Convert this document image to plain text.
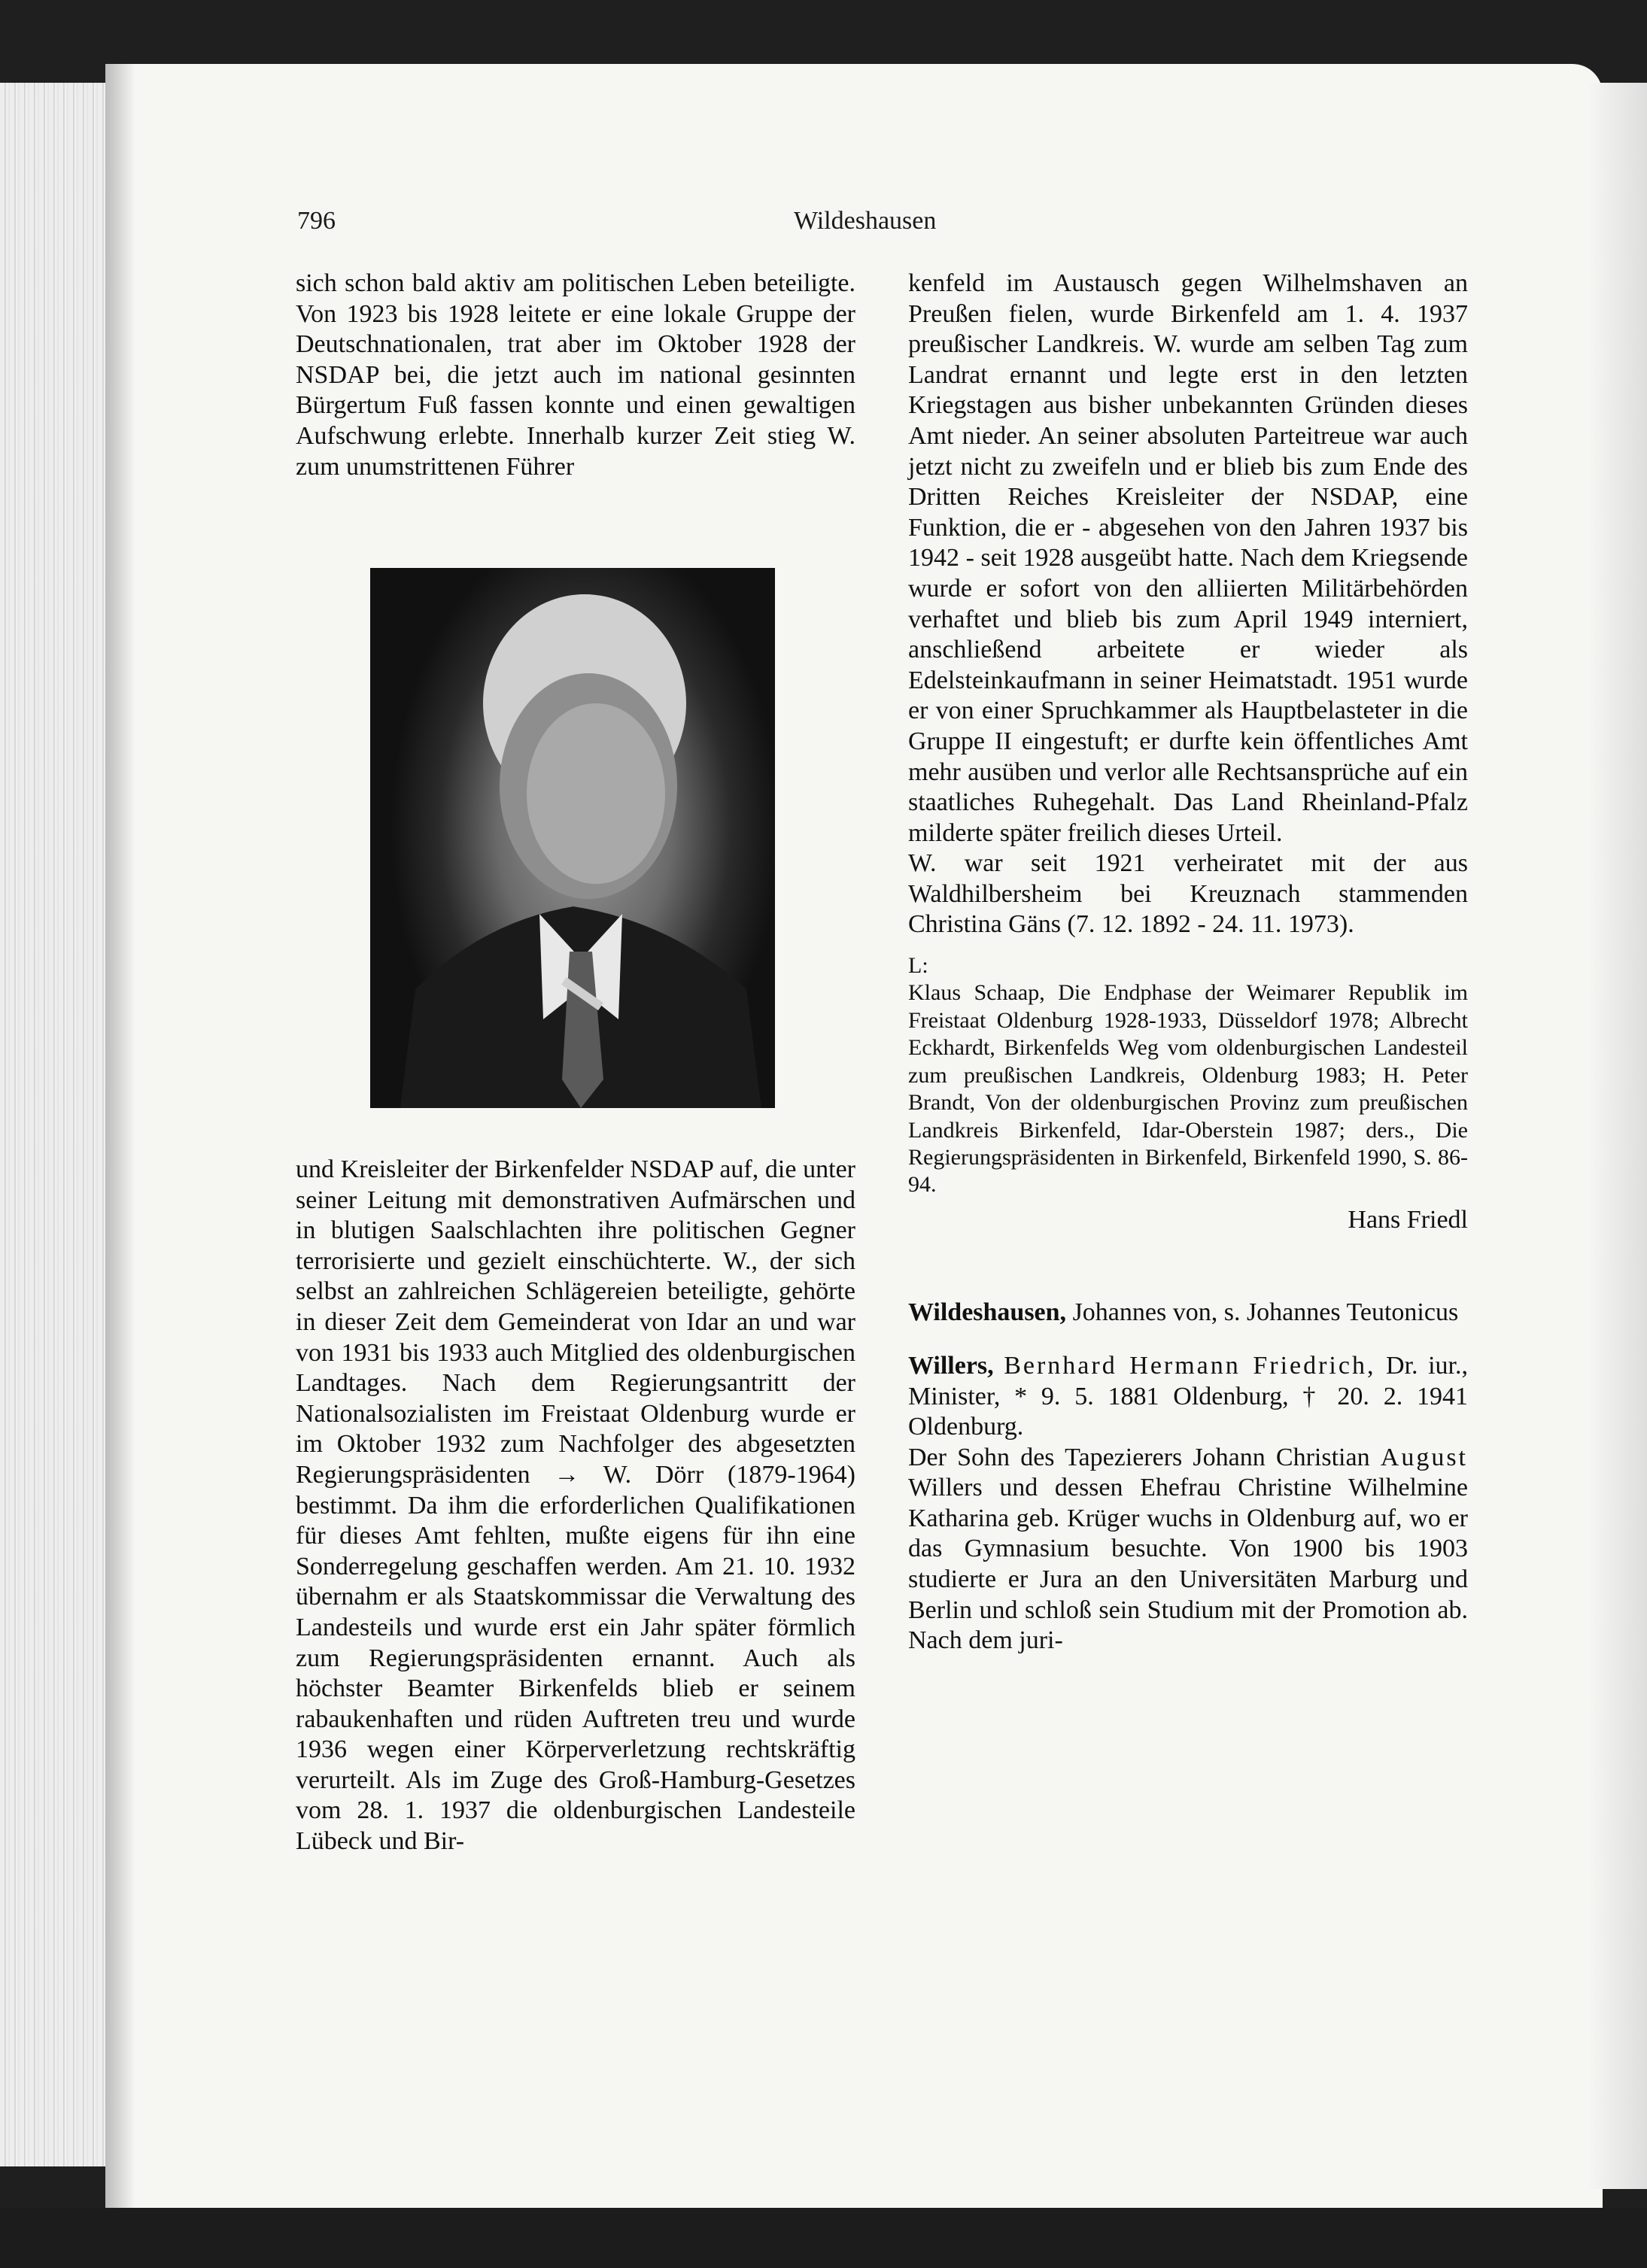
796	Wildeshausen

sich schon bald aktiv am politischen Leben beteiligte. Von 1923 bis 1928 leitete er eine lokale Gruppe der Deutschnationalen, trat aber im Oktober 1928 der NSDAP bei, die jetzt auch im national gesinnten Bürgertum Fuß fassen konnte und einen gewaltigen Aufschwung erlebte. Innerhalb kurzer Zeit stieg W. zum unumstrittenen Führer

und Kreisleiter der Birkenfelder NSDAP auf, die unter seiner Leitung mit demonstrativen Aufmärschen und in blutigen Saalschlachten ihre politischen Gegner terrorisierte und gezielt einschüchterte. W., der sich selbst an zahlreichen Schlägereien beteiligte, gehörte in dieser Zeit dem Gemeinderat von Idar an und war von 1931 bis 1933 auch Mitglied des oldenburgischen Landtages. Nach dem Regierungsantritt der Nationalsozialisten im Freistaat Oldenburg wurde er im Oktober 1932 zum Nachfolger des abgesetzten Regierungspräsidenten → W. Dörr (1879-1964) bestimmt. Da ihm die erforderlichen Qualifikationen für dieses Amt fehlten, mußte eigens für ihn eine Sonderregelung geschaffen werden. Am 21. 10. 1932 übernahm er als Staatskommissar die Verwaltung des Landesteils und wurde erst ein Jahr später förmlich zum Regierungspräsidenten ernannt. Auch als höchster Beamter Birkenfelds blieb er seinem rabaukenhaften und rüden Auftreten treu und wurde 1936 wegen einer Körperverletzung rechtskräftig verurteilt. Als im Zuge des Groß-Hamburg-Gesetzes vom 28. 1. 1937 die oldenburgischen Landesteile Lübeck und Bir-

kenfeld im Austausch gegen Wilhelmshaven an Preußen fielen, wurde Birkenfeld am 1. 4. 1937 preußischer Landkreis. W. wurde am selben Tag zum Landrat ernannt und legte erst in den letzten Kriegstagen aus bisher unbekannten Gründen dieses Amt nieder. An seiner absoluten Parteitreue war auch jetzt nicht zu zweifeln und er blieb bis zum Ende des Dritten Reiches Kreisleiter der NSDAP, eine Funktion, die er - abgesehen von den Jahren 1937 bis 1942 - seit 1928 ausgeübt hatte. Nach dem Kriegsende wurde er sofort von den alliierten Militärbehörden verhaftet und blieb bis zum April 1949 interniert, anschließend arbeitete er wieder als Edelsteinkaufmann in seiner Heimatstadt. 1951 wurde er von einer Spruchkammer als Hauptbelasteter in die Gruppe II eingestuft; er durfte kein öffentliches Amt mehr ausüben und verlor alle Rechtsansprüche auf ein staatliches Ruhegehalt. Das Land Rheinland-Pfalz milderte später freilich dieses Urteil.

W. war seit 1921 verheiratet mit der aus Waldhilbersheim bei Kreuznach stammenden Christina Gäns (7. 12. 1892 - 24. 11. 1973).

L:

Klaus Schaap, Die Endphase der Weimarer Republik im Freistaat Oldenburg 1928-1933, Düsseldorf 1978; Albrecht Eckhardt, Birkenfelds Weg vom oldenburgischen Landesteil zum preußischen Landkreis, Oldenburg 1983; H. Peter Brandt, Von der oldenburgischen Provinz zum preußischen Landkreis Birkenfeld, Idar-Oberstein 1987; ders., Die Regierungspräsidenten in Birkenfeld, Birkenfeld 1990, S. 86-94.

Hans Friedl

Wildeshausen, Johannes von, s. Johannes Teutonicus

Willers, Bernhard Hermann Friedrich, Dr. iur., Minister, * 9. 5. 1881 Oldenburg, † 20. 2. 1941 Oldenburg.

Der Sohn des Tapezierers Johann Christian August Willers und dessen Ehefrau Christine Wilhelmine Katharina geb. Krüger wuchs in Oldenburg auf, wo er das Gymnasium besuchte. Von 1900 bis 1903 studierte er Jura an den Universitäten Marburg und Berlin und schloß sein Studium mit der Promotion ab. Nach dem juri-
